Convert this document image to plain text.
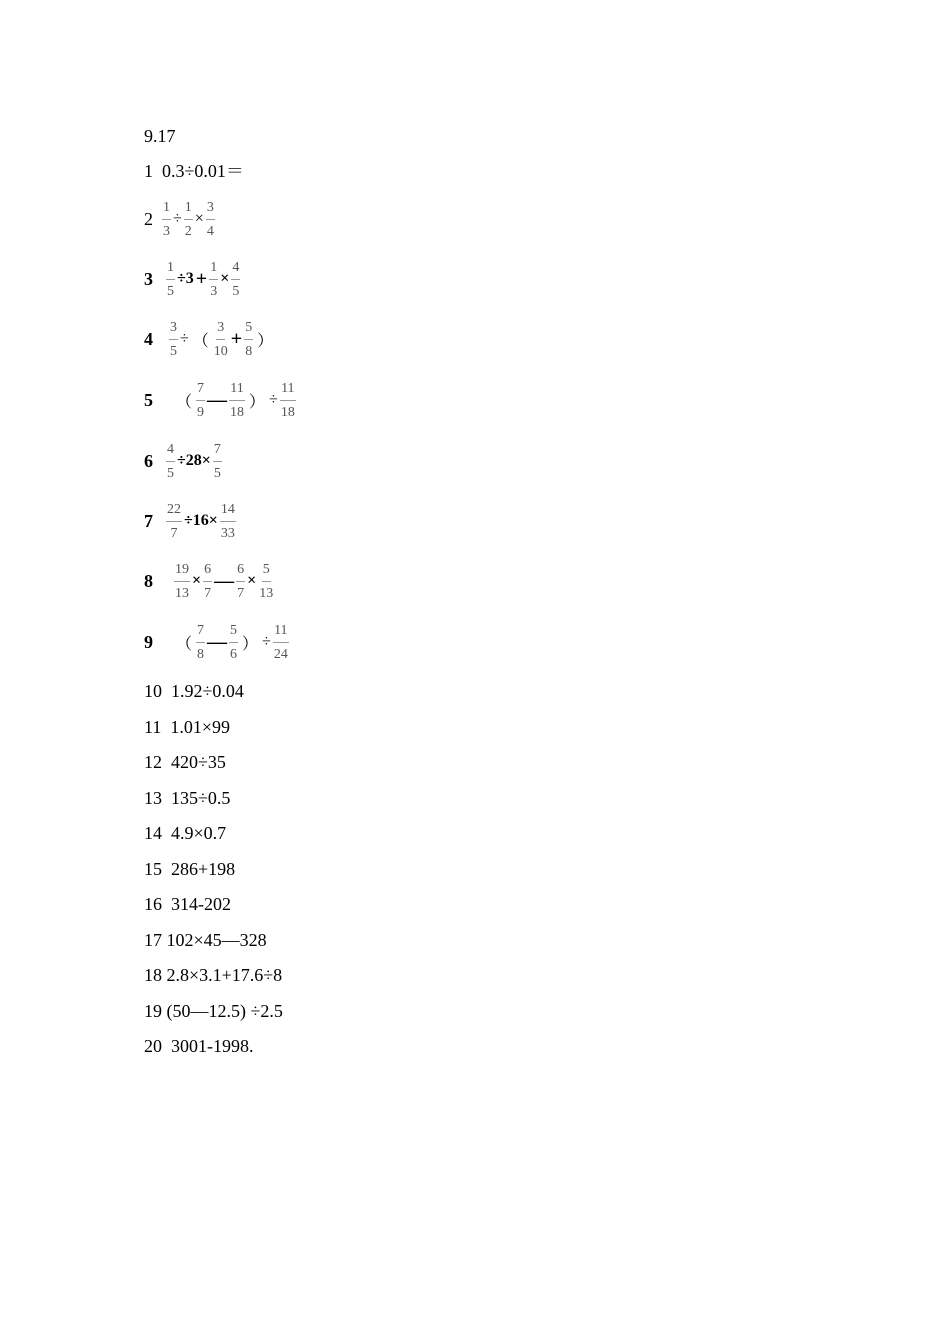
9.17
1 0.3÷0.01＝
$2 \frac{1}{3} \div \frac{1}{2} \times \frac{3}{4}$
$3 \frac{1}{5} \div 3 + \frac{1}{3} \times \frac{4}{5}$
$4 \frac{3}{5}$ ÷ （ $\frac{3}{10} + \frac{5}{8}$ ）
5 （ $\frac{7}{9}$ — $\frac{11}{18}$ ） ÷ $\frac{11}{18}$
$6 \frac{4}{5} \div 28\times \frac{7}{5}$
$7 \frac{22}{7} \div 16\times \frac{14}{33}$
$8 \frac{19}{13} \times \frac{6}{7}$ — $\frac{6}{7} \times \frac{5}{13}$
9 （ $\frac{7}{8}$ — $\frac{5}{6}$ ） ÷ $\frac{11}{24}$
10  1.92÷0.04
11  1.01×99
12  420÷35
13  135÷0.5
14  4.9×0.7
15  286+198
16  314-202
17 102×45—328
18 2.8×3.1+17.6÷8
19 (50—12.5) ÷2.5
20  3001-1998.
